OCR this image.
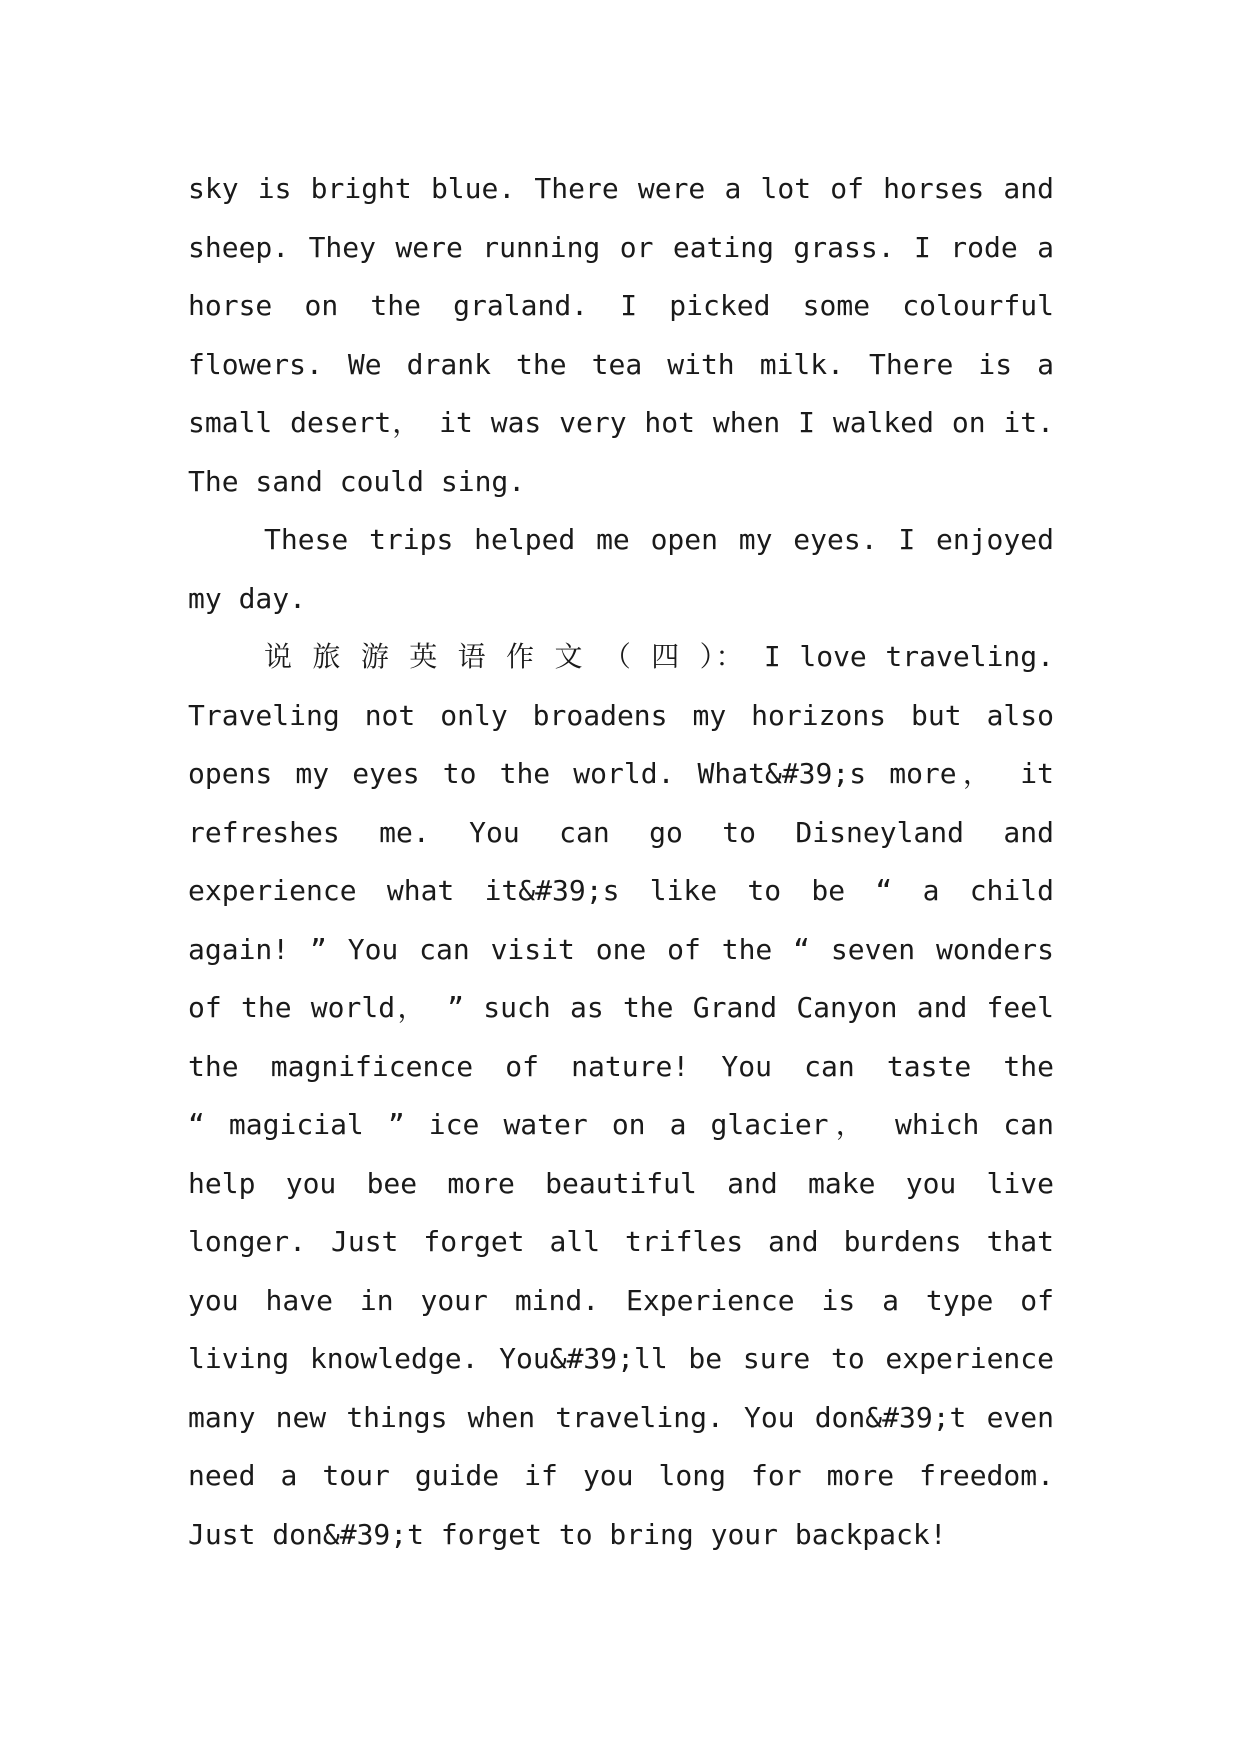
sky is bright blue. There were a lot of horses and
sheep. They were running or eating grass. I rode a
horse on the graland. I picked some colourful
flowers. We drank the tea with milk. There is a
small desert， it was very hot when I walked on it.
The sand could sing.
These trips helped me open my eyes. I enjoyed
my day.
说 旅 游 英 语 作 文 （ 四 ）： I love traveling.
Traveling not only broadens my horizons but also
opens my eyes to the world. What&#39;s more， it
refreshes me. You can go to Disneyland and
experience what it&#39;s like to be “ a child
again! ” You can visit one of the “ seven wonders
of the world， ” such as the Grand Canyon and feel
the magnificence of nature! You can taste the
“ magicial ” ice water on a glacier， which can
help you bee more beautiful and make you live
longer. Just forget all trifles and burdens that
you have in your mind. Experience is a type of
living knowledge. You&#39;ll be sure to experience
many new things when traveling. You don&#39;t even
need a tour guide if you long for more freedom.
Just don&#39;t forget to bring your backpack!
